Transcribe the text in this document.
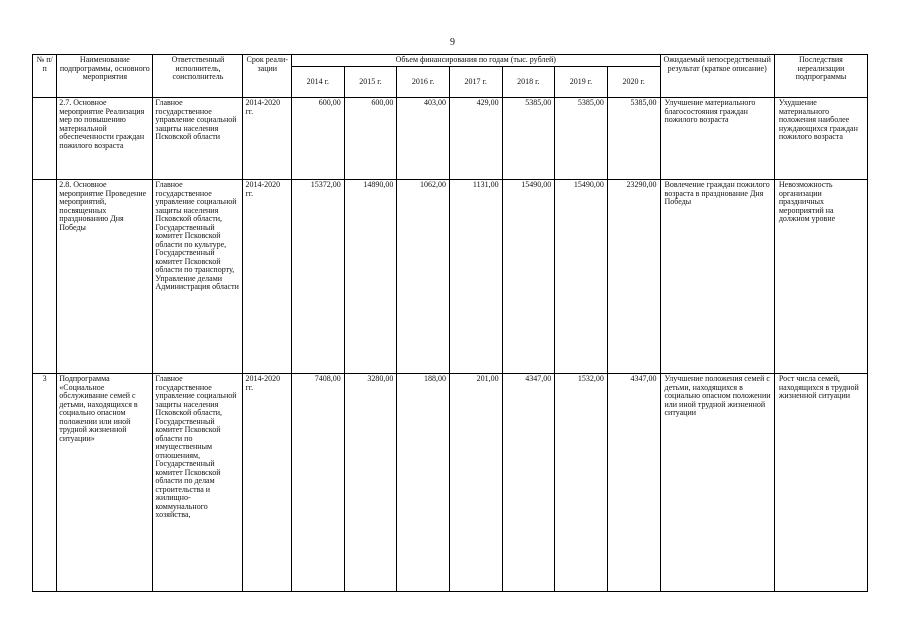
9
№ п/п	Наименование подпрограммы, основного мероприятия	Ответственный исполнитель, соисполнитель	Срок реали-зации	Объем финансирования по годам (тыс. рублей)							Ожидаемый непосредственный результат (краткое описание)	Последствия нереализации подпрограммы
				2014 г.	2015 г.	2016 г.	2017 г.	2018 г.	2019 г.	2020 г.		
	2.7. Основное мероприятие Реализация мер по повышению материальной обеспеченности граждан пожилого возраста	Главное государственное управление социальной защиты населения Псковской области	2014-2020 гг.	600,00	600,00	403,00	429,00	5385,00	5385,00	5385,00	Улучшение материального благосостояния граждан пожилого возраста	Ухудшение материального положения наиболее нуждающихся граждан пожилого возраста
	2.8. Основное мероприятие Проведение мероприятий, посвященных празднованию Дня Победы	Главное государственное управление социальной защиты населения Псковской области, Государственный комитет Псковской области по культуре, Государственный комитет Псковской области по транспорту, Управление делами Администрация области	2014-2020 гг.	15372,00	14890,00	1062,00	1131,00	15490,00	15490,00	23290,00	Вовлечение граждан пожилого возраста в празднование Дня Победы	Невозможность организации праздничных мероприятий на должном уровне
3	Подпрограмма «Социальное обслуживание семей с детьми, находящихся в социально опасном положении или иной трудной жизненной ситуации»	Главное государственное управление социальной защиты населения Псковской области, Государственный комитет Псковской области по имущественным отношениям, Государственный комитет Псковской области по делам строительства и жилищно-коммунального хозяйства,	2014-2020 гг.	7408,00	3280,00	188,00	201,00	4347,00	1532,00	4347,00	Улучшение положения семей с детьми, находящихся в социально опасном положении или иной трудной жизненной ситуации	Рост числа семей, находящихся в трудной жизненной ситуации
